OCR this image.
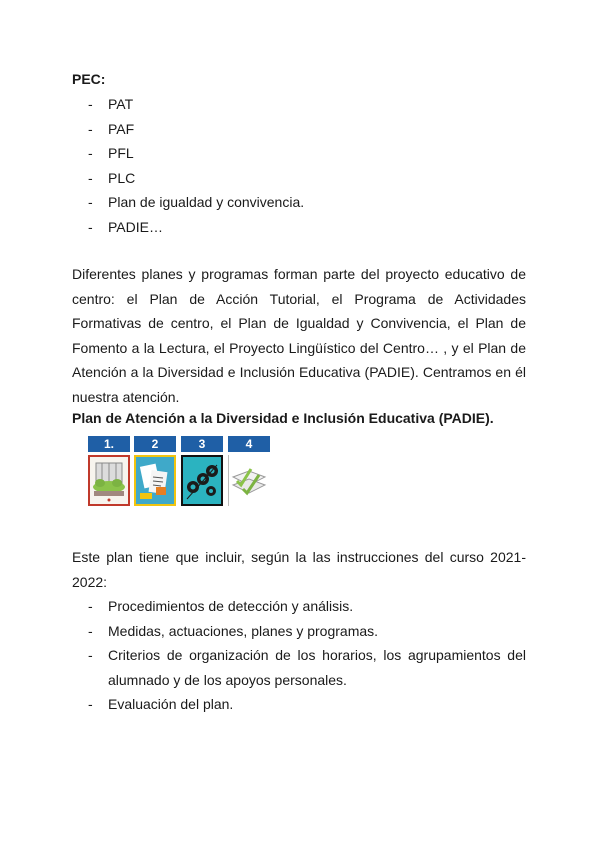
PEC:
- PAT
- PAF
- PFL
- PLC
- Plan de igualdad y convivencia.
- PADIE…

Diferentes planes y programas forman parte del proyecto educativo de centro: el Plan de Acción Tutorial, el Programa de Actividades Formativas de centro, el Plan de Igualdad y Convivencia, el Plan de Fomento a la Lectura, el Proyecto Lingüístico del Centro… , y el Plan de Atención a la Diversidad e Inclusión Educativa (PADIE). Centramos en él nuestra atención.

Plan de Atención a la Diversidad e Inclusión Educativa (PADIE).
1.	2	3	4

Este plan tiene que incluir, según la las instrucciones del curso 2021-2022:

- Procedimientos de detección y análisis.
- Medidas, actuaciones, planes y programas.
- Criterios de organización de los horarios, los agrupamientos del alumnado y de los apoyos personales.
- Evaluación del plan.
